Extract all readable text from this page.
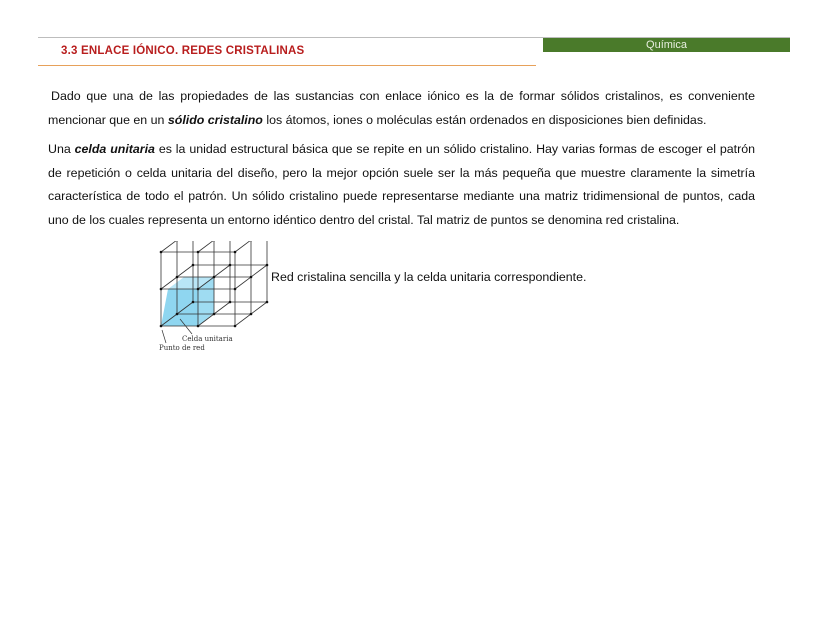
Química
3.3 ENLACE IÓNICO. REDES CRISTALINAS

Dado que una de las propiedades de las sustancias con enlace iónico es la de formar sólidos cristalinos, es conveniente mencionar que en un sólido cristalino los átomos, iones o moléculas están ordenados en disposiciones bien definidas.

Una celda unitaria es la unidad estructural básica que se repite en un sólido cristalino. Hay varias formas de escoger el patrón de repetición o celda unitaria del diseño, pero la mejor opción suele ser la más pequeña que muestre claramente la simetría característica de todo el patrón. Un sólido cristalino puede representarse mediante una matriz tridimensional de puntos, cada uno de los cuales representa un entorno idéntico dentro del cristal. Tal matriz de puntos se denomina red cristalina.

Celda unitaria
Punto de red
Red cristalina sencilla y la celda unitaria correspondiente.
